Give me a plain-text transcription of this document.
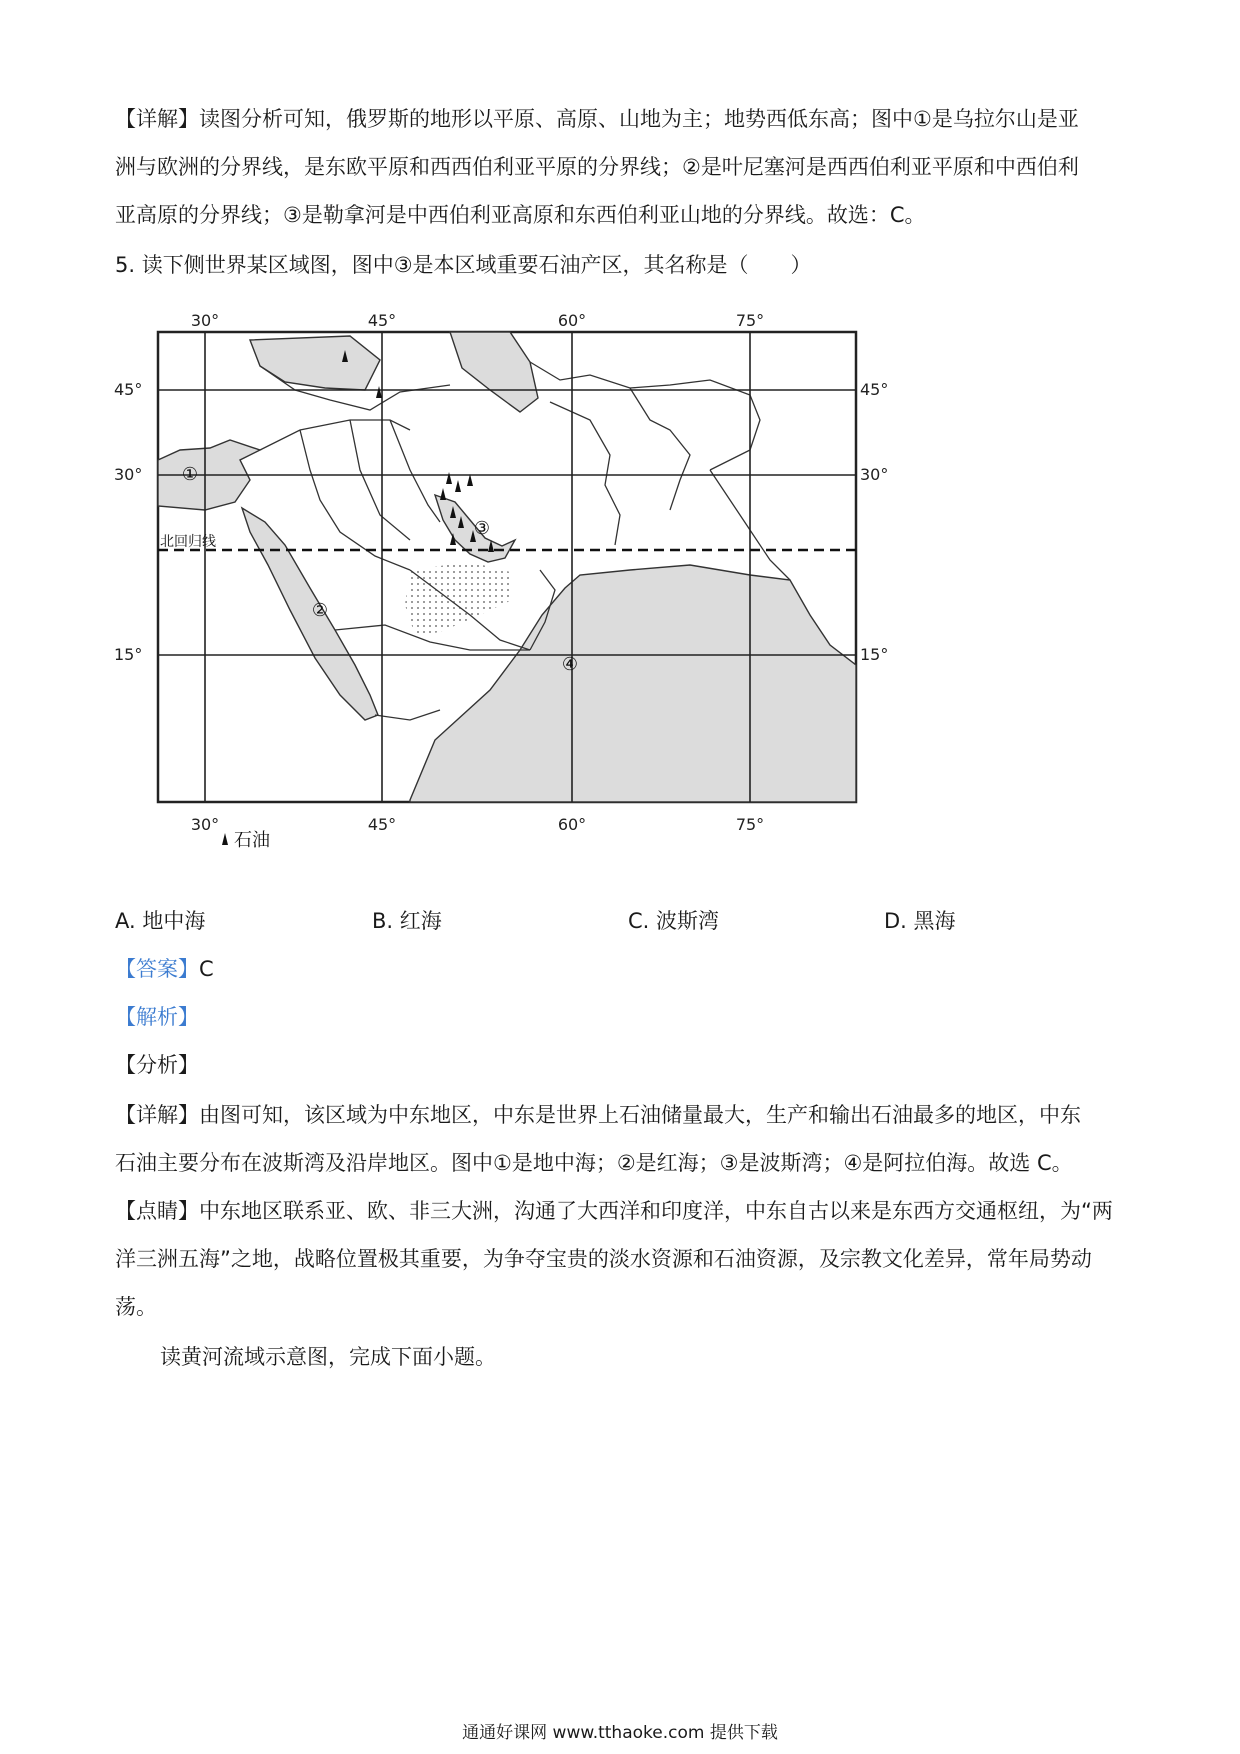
【详解】读图分析可知，俄罗斯的地形以平原、高原、山地为主；地势西低东高；图中①是乌拉尔山是亚
洲与欧洲的分界线，是东欧平原和西西伯利亚平原的分界线；②是叶尼塞河是西西伯利亚平原和中西伯利
亚高原的分界线；③是勒拿河是中西伯利亚高原和东西伯利亚山地的分界线。故选：C。
5. 读下侧世界某区域图，图中③是本区域重要石油产区，其名称是（　　）
北回归线
30°	45°	60°	75°
30°	45°	60°	75°
45°
30°
15°
45°
30°
15°
①
②
③
④
石油
A. 地中海	B. 红海	C. 波斯湾	D. 黑海
【答案】C
【解析】
【分析】
【详解】由图可知，该区域为中东地区，中东是世界上石油储量最大，生产和输出石油最多的地区，中东
石油主要分布在波斯湾及沿岸地区。图中①是地中海；②是红海；③是波斯湾；④是阿拉伯海。故选 C。
【点睛】中东地区联系亚、欧、非三大洲，沟通了大西洋和印度洋，中东自古以来是东西方交通枢纽，为“两
洋三洲五海”之地，战略位置极其重要，为争夺宝贵的淡水资源和石油资源，及宗教文化差异，常年局势动
荡。
读黄河流域示意图，完成下面小题。
通通好课网 www.tthaoke.com 提供下载
